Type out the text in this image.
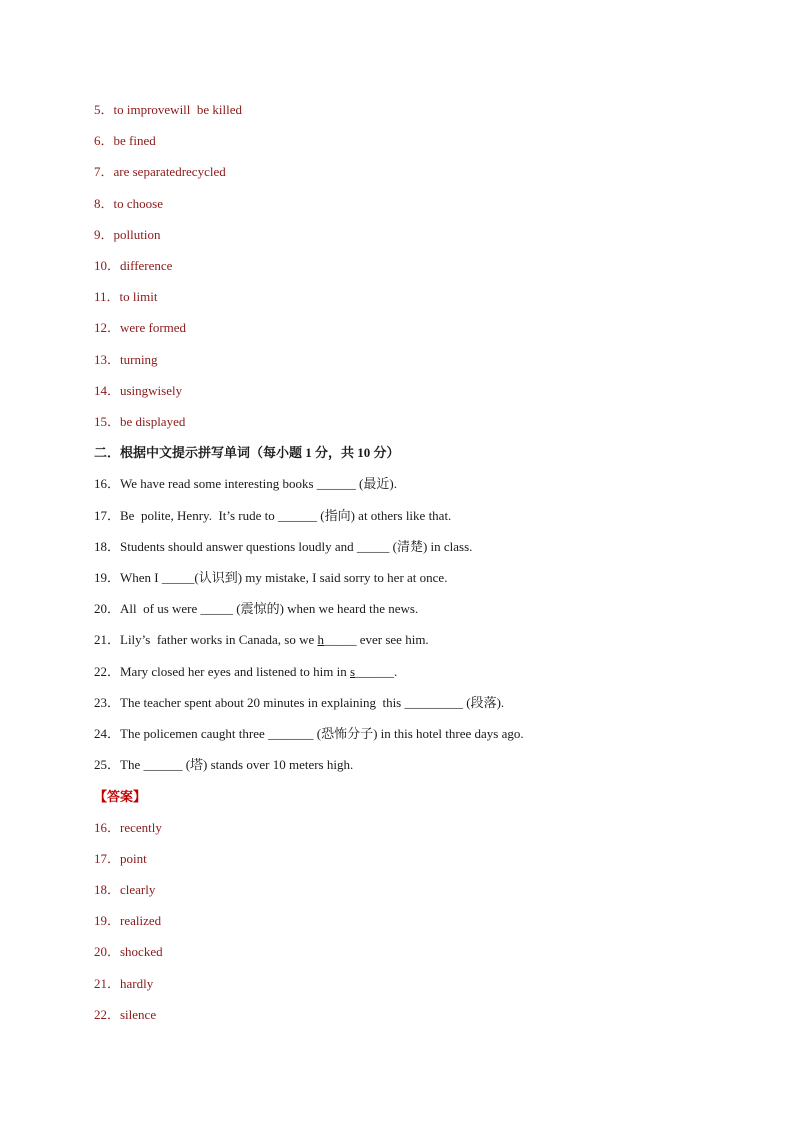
5．to improvewill  be killed
6．be fined
7．are separatedrecycled
8．to choose
9．pollution
10．difference
11．to limit
12．were formed
13．turning
14．usingwisely
15．be displayed
二．根据中文提示拼写单词（每小题 1 分，共 10 分）
16．We have read some interesting books ______ (最近).
17．Be  polite, Henry.  It’s rude to ______ (指向) at others like that.
18．Students should answer questions loudly and _____ (清楚) in class.
19．When I _____(认识到) my mistake, I said sorry to her at once.
20．All  of us were _____ (震惊的) when we heard the news.
21．Lily’s  father works in Canada, so we h_____ ever see him.
22．Mary closed her eyes and listened to him in s______.
23．The teacher spent about 20 minutes in explaining  this _________ (段落).
24．The policemen caught three _______ (恐怖分子) in this hotel three days ago.
25．The ______ (塔) stands over 10 meters high.
【答案】
16．recently
17．point
18．clearly
19．realized
20．shocked
21．hardly
22．silence
